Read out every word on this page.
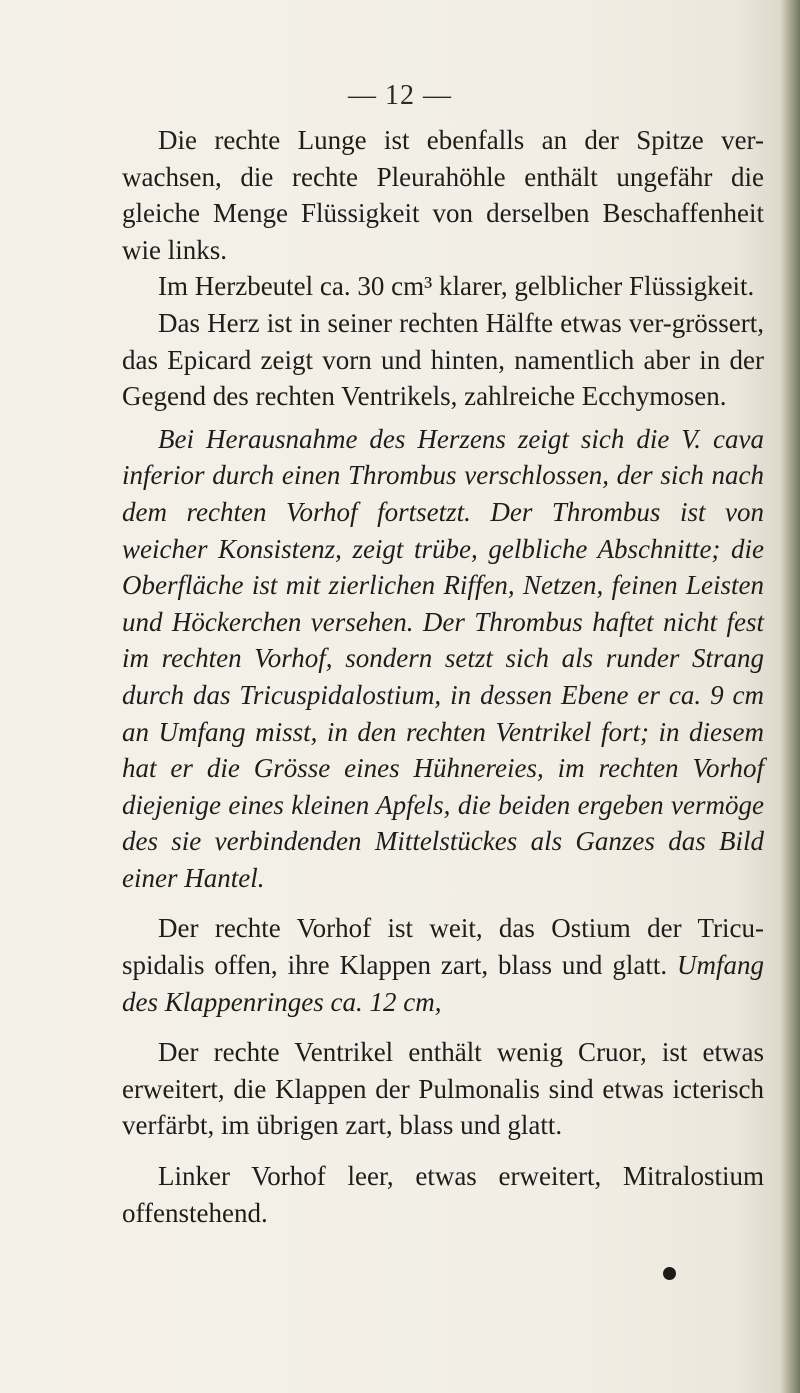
— 12 —

Die rechte Lunge ist ebenfalls an der Spitze ver-wachsen, die rechte Pleurahöhle enthält ungefähr die gleiche Menge Flüssigkeit von derselben Beschaffenheit wie links.

Im Herzbeutel ca. 30 cm³ klarer, gelblicher Flüssigkeit.

Das Herz ist in seiner rechten Hälfte etwas ver-grössert, das Epicard zeigt vorn und hinten, namentlich aber in der Gegend des rechten Ventrikels, zahlreiche Ecchymosen.

Bei Herausnahme des Herzens zeigt sich die V. cava inferior durch einen Thrombus verschlossen, der sich nach dem rechten Vorhof fortsetzt. Der Thrombus ist von weicher Konsistenz, zeigt trübe, gelbliche Abschnitte; die Oberfläche ist mit zierlichen Riffen, Netzen, feinen Leisten und Höckerchen versehen. Der Thrombus haftet nicht fest im rechten Vorhof, sondern setzt sich als runder Strang durch das Tricuspidalostium, in dessen Ebene er ca. 9 cm an Umfang misst, in den rechten Ventrikel fort; in diesem hat er die Grösse eines Hühnereies, im rechten Vorhof diejenige eines kleinen Apfels, die beiden ergeben vermöge des sie verbindenden Mittelstückes als Ganzes das Bild einer Hantel.

Der rechte Vorhof ist weit, das Ostium der Tricu-spidalis offen, ihre Klappen zart, blass und glatt. Umfang des Klappenringes ca. 12 cm,

Der rechte Ventrikel enthält wenig Cruor, ist etwas erweitert, die Klappen der Pulmonalis sind etwas icterisch verfärbt, im übrigen zart, blass und glatt.

Linker Vorhof leer, etwas erweitert, Mitralostium offenstehend.
